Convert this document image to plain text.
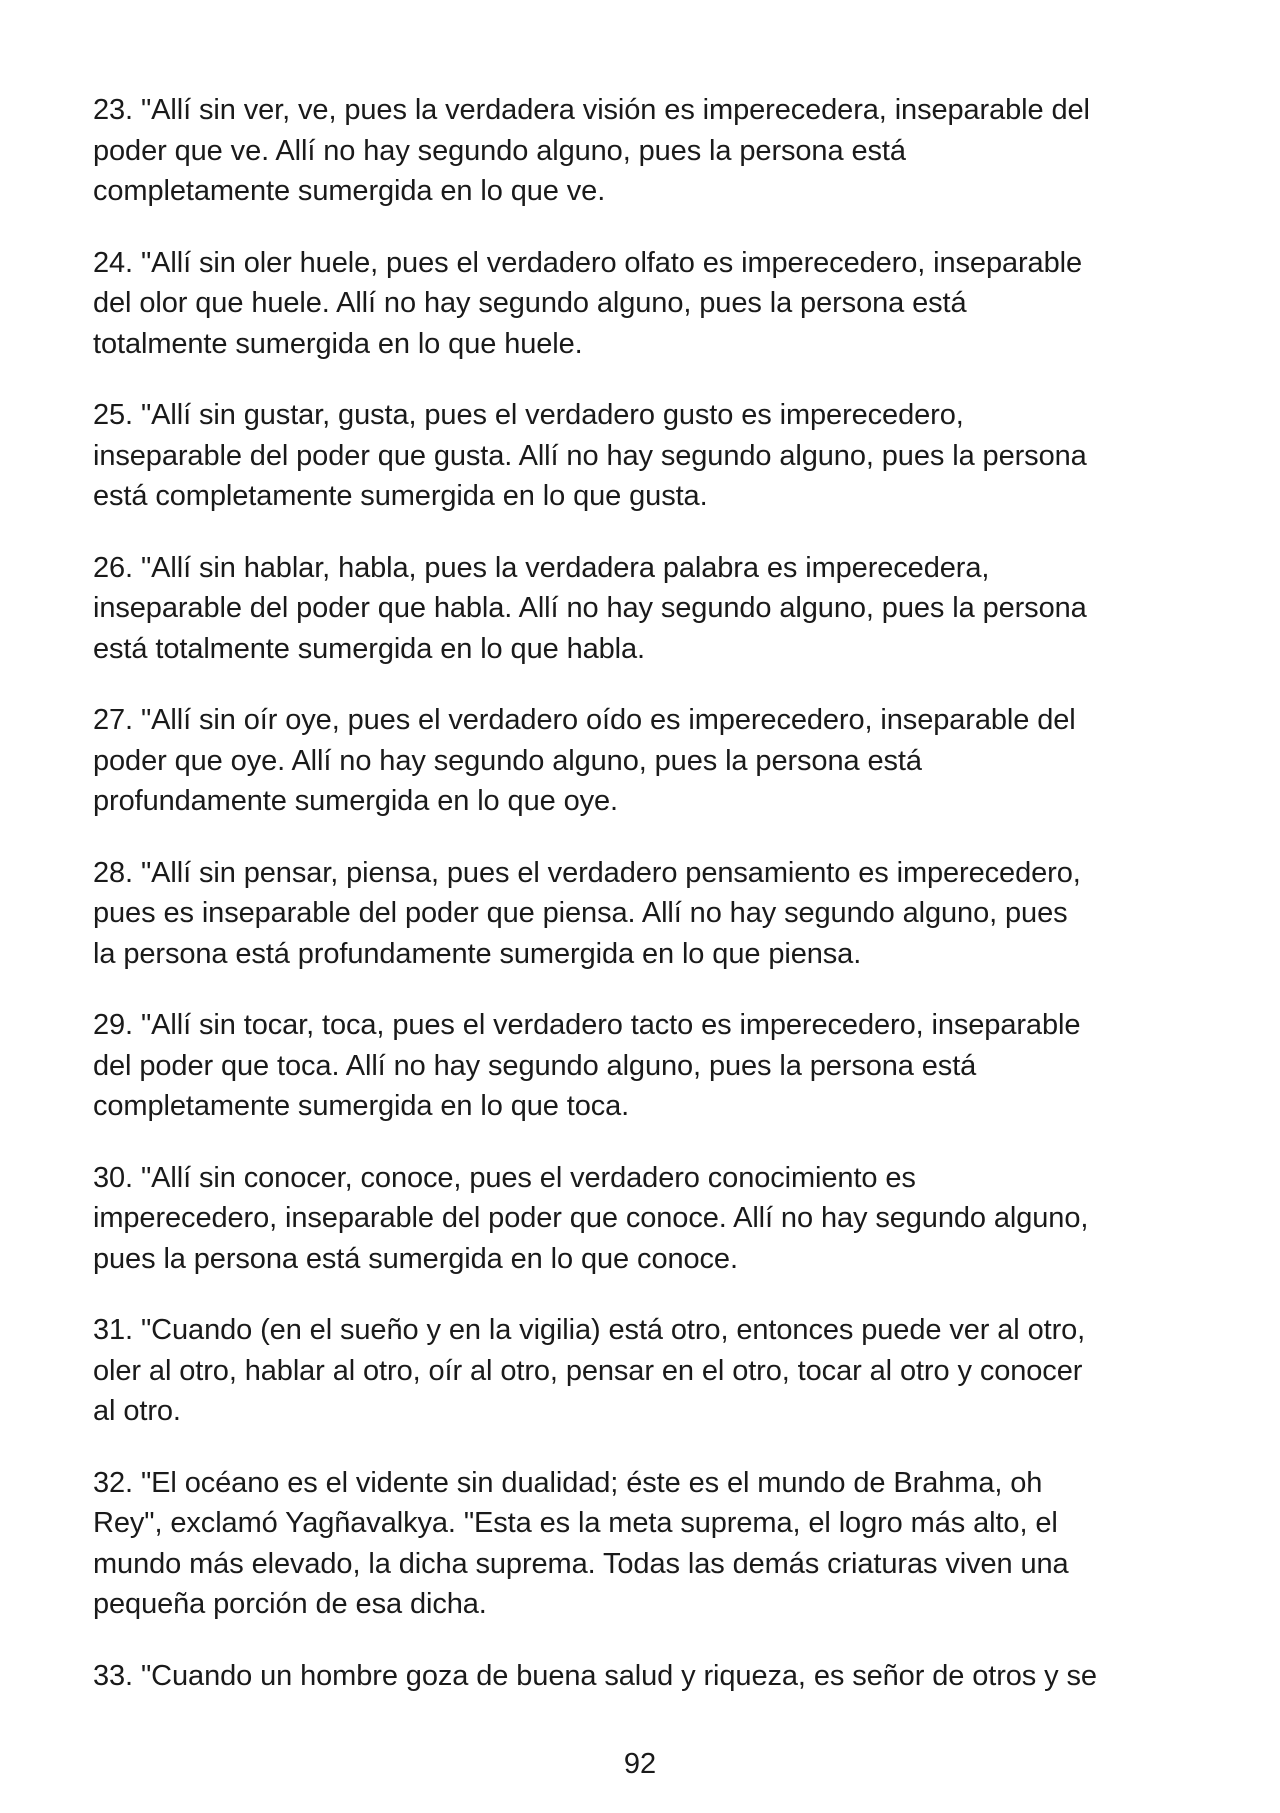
23. "Allí sin ver, ve, pues la verdadera visión es imperecedera, inseparable del
poder que ve. Allí no hay segundo alguno, pues la persona está
completamente sumergida en lo que ve.

24. "Allí sin oler huele, pues el verdadero olfato es imperecedero, inseparable
del olor que huele. Allí no hay segundo alguno, pues la persona está
totalmente sumergida en lo que huele.

25. "Allí sin gustar, gusta, pues el verdadero gusto es imperecedero,
inseparable del poder que gusta. Allí no hay segundo alguno, pues la persona
está completamente sumergida en lo que gusta.

26. "Allí sin hablar, habla, pues la verdadera palabra es imperecedera,
inseparable del poder que habla. Allí no hay segundo alguno, pues la persona
está totalmente sumergida en lo que habla.

27. "Allí sin oír oye, pues el verdadero oído es imperecedero, inseparable del
poder que oye. Allí no hay segundo alguno, pues la persona está
profundamente sumergida en lo que oye.

28. "Allí sin pensar, piensa, pues el verdadero pensamiento es imperecedero,
pues es inseparable del poder que piensa. Allí no hay segundo alguno, pues
la persona está profundamente sumergida en lo que piensa.

29. "Allí sin tocar, toca, pues el verdadero tacto es imperecedero, inseparable
del poder que toca. Allí no hay segundo alguno, pues la persona está
completamente sumergida en lo que toca.

30. "Allí sin conocer, conoce, pues el verdadero conocimiento es
imperecedero, inseparable del poder que conoce. Allí no hay segundo alguno,
pues la persona está sumergida en lo que conoce.

31. "Cuando (en el sueño y en la vigilia) está otro, entonces puede ver al otro,
oler al otro, hablar al otro, oír al otro, pensar en el otro, tocar al otro y conocer
al otro.

32. "El océano es el vidente sin dualidad; éste es el mundo de Brahma, oh
Rey", exclamó Yagñavalkya. "Esta es la meta suprema, el logro más alto, el
mundo más elevado, la dicha suprema. Todas las demás criaturas viven una
pequeña porción de esa dicha.

33. "Cuando un hombre goza de buena salud y riqueza, es señor de otros y se

92
